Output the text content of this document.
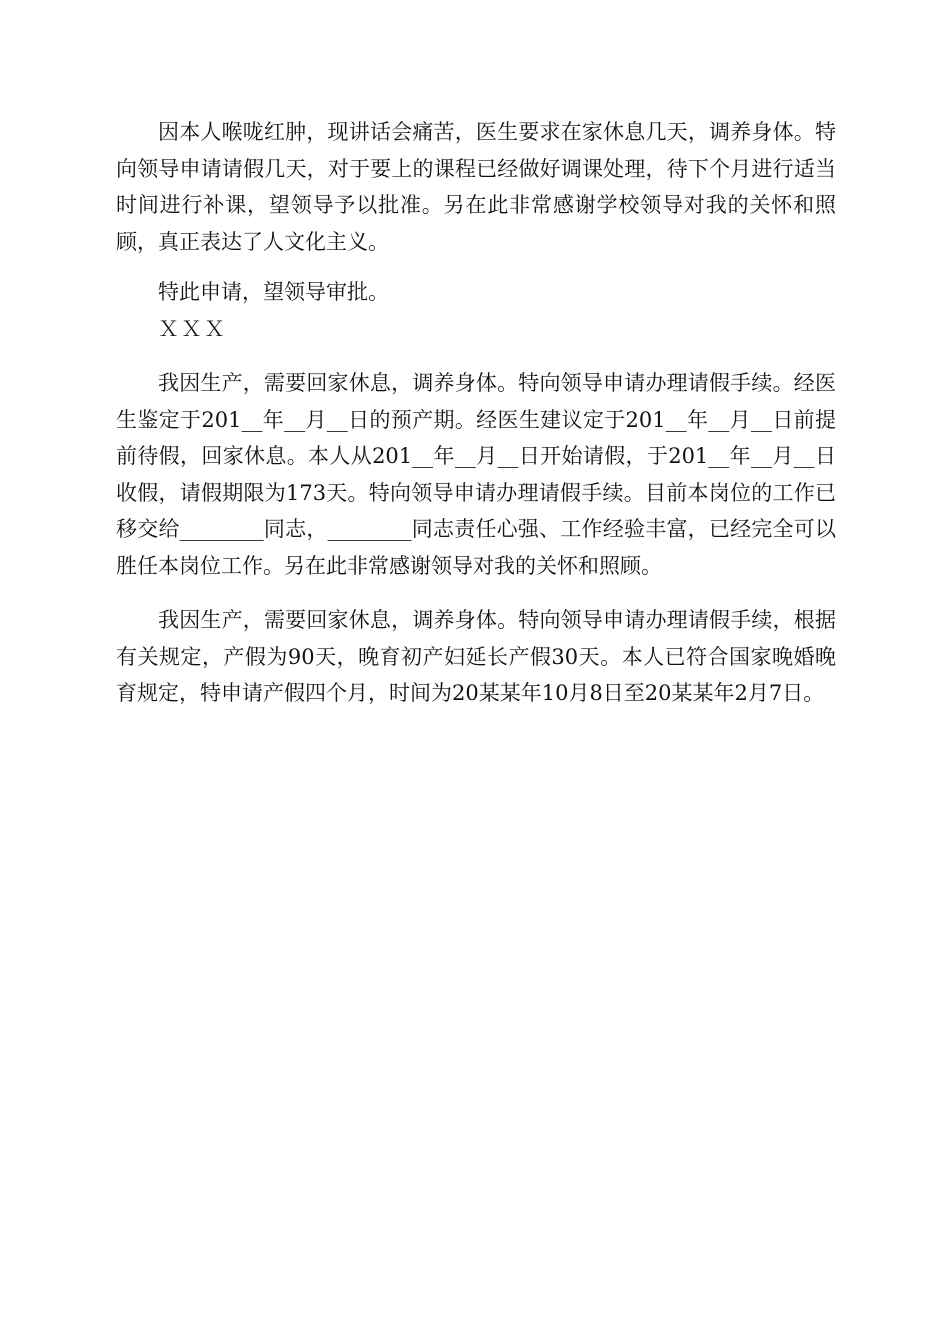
因本人喉咙红肿，现讲话会痛苦，医生要求在家休息几天，调养身体。特向领导申请请假几天，对于要上的课程已经做好调课处理，待下个月进行适当时间进行补课，望领导予以批准。另在此非常感谢学校领导对我的关怀和照顾，真正表达了人文化主义。

特此申请，望领导审批。

ＸＸＸ

我因生产，需要回家休息，调养身体。特向领导申请办理请假手续。经医生鉴定于201__年__月__日的预产期。经医生建议定于201__年__月__日前提前待假，回家休息。本人从201__年__月__日开始请假，于201__年__月__日收假，请假期限为173天。特向领导申请办理请假手续。目前本岗位的工作已移交给________同志，________同志责任心强、工作经验丰富，已经完全可以胜任本岗位工作。另在此非常感谢领导对我的关怀和照顾。

我因生产，需要回家休息，调养身体。特向领导申请办理请假手续，根据有关规定，产假为90天，晚育初产妇延长产假30天。本人已符合国家晚婚晚育规定，特申请产假四个月，时间为20某某年10月8日至20某某年2月7日。
